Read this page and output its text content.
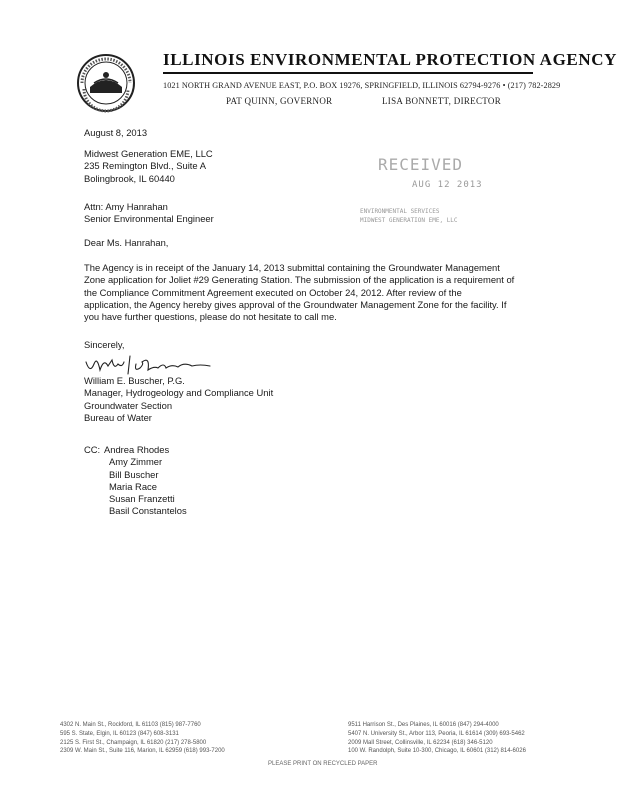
ILLINOIS ENVIRONMENTAL PROTECTION AGENCY
1021 NORTH GRAND AVENUE EAST, P.O. BOX 19276, SPRINGFIELD, ILLINOIS 62794-9276 • (217) 782-2829
PAT QUINN, GOVERNOR	LISA BONNETT, DIRECTOR
August 8, 2013
Midwest Generation EME, LLC
235 Remington Blvd., Suite A
Bolingbrook, IL 60440
Attn: Amy Hanrahan
Senior Environmental Engineer
RECEIVED
AUG 12 2013
ENVIRONMENTAL SERVICES
MIDWEST GENERATION EME, LLC
Dear Ms. Hanrahan,
The Agency is in receipt of the January 14, 2013 submittal containing the Groundwater Management
Zone application for Joliet #29 Generating Station. The submission of the application is a requirement of
the Compliance Commitment Agreement executed on October 24, 2012. After review of the
application, the Agency hereby gives approval of the Groundwater Management Zone for the facility. If
you have further questions, please do not hesitate to call me.
Sincerely,
William E. Buscher, P.G.
Manager, Hydrogeology and Compliance Unit
Groundwater Section
Bureau of Water
CC: Andrea Rhodes
Amy Zimmer
Bill Buscher
Maria Race
Susan Franzetti
Basil Constantelos
4302 N. Main St., Rockford, IL 61103 (815) 987-7760
595 S. State, Elgin, IL 60123 (847) 608-3131
2125 S. First St., Champaign, IL 61820 (217) 278-5800
2309 W. Main St., Suite 116, Marion, IL 62959 (618) 993-7200
9511 Harrison St., Des Plaines, IL 60016 (847) 294-4000
5407 N. University St., Arbor 113, Peoria, IL 61614 (309) 693-5462
2009 Mall Street, Collinsville, IL 62234 (618) 346-5120
100 W. Randolph, Suite 10-300, Chicago, IL 60601 (312) 814-6026
PLEASE PRINT ON RECYCLED PAPER
